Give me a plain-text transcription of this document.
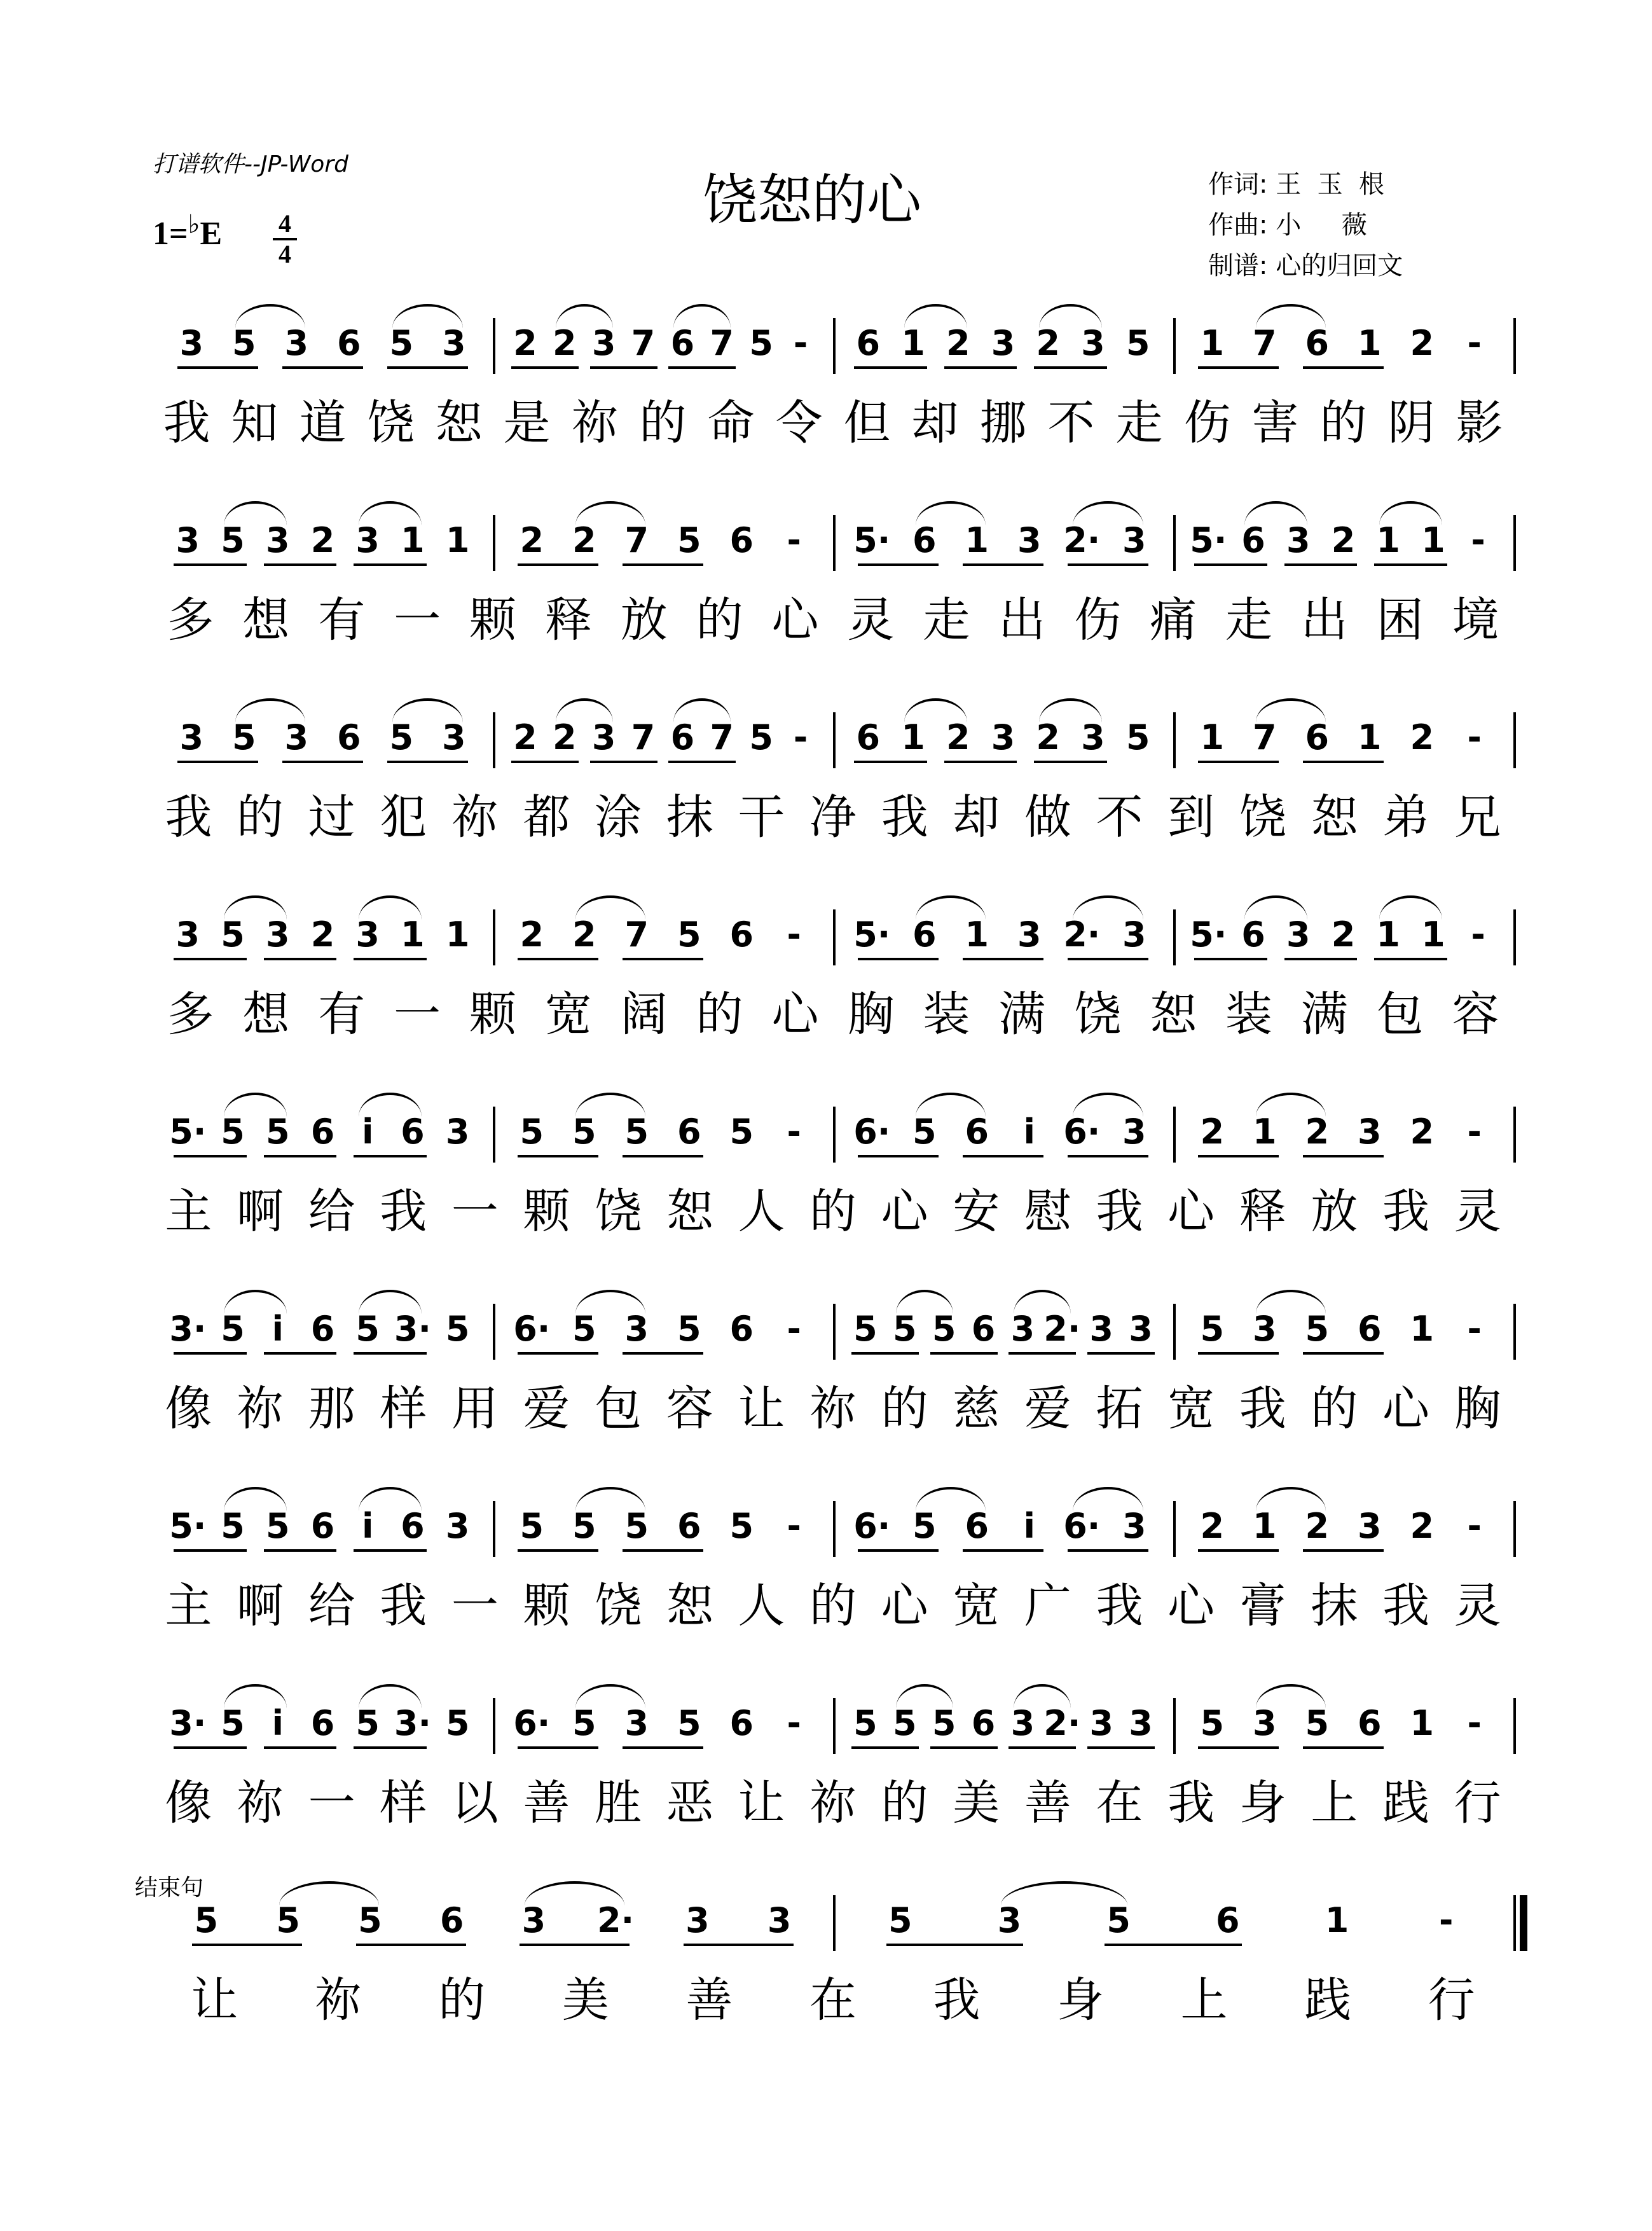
打谱软件--JP-Word
饶恕的心
1=♭E	4
4
作词: 王  玉  根
作曲: 小     薇
制谱: 心的归回文
结束句
3 5 3 6 5 3 2 2 3 7 6 7 5 - 6 1 2 3 2 3 5 1 7 6 1 2 -
我 知 道 饶 恕 是 祢 的 命 令 但 却 挪 不 走 伤 害 的 阴 影
3 5 3 2 3 1 1 2 2 7 5 6 - 5· 6 1 3 2· 3 5· 6 3 2 1 1 -
多 想 有 一 颗 释 放 的 心 灵 走 出 伤 痛 走 出 困 境
3 5 3 6 5 3 2 2 3 7 6 7 5 - 6 1 2 3 2 3 5 1 7 6 1 2 -
我 的 过 犯 祢 都 涂 抹 干 净 我 却 做 不 到 饶 恕 弟 兄
3 5 3 2 3 1 1 2 2 7 5 6 - 5· 6 1 3 2· 3 5· 6 3 2 1 1 -
多 想 有 一 颗 宽 阔 的 心 胸 装 满 饶 恕 装 满 包 容
5· 5 5 6 i 6 3 5 5 5 6 5 - 6· 5 6 i 6· 3 2 1 2 3 2 -
主 啊 给 我 一 颗 饶 恕 人 的 心 安 慰 我 心 释 放 我 灵
3· 5 i 6 5 3· 5 6· 5 3 5 6 - 5 5 5 6 3 2· 3 3 5 3 5 6 1 -
像 祢 那 样 用 爱 包 容 让 祢 的 慈 爱 拓 宽 我 的 心 胸
5· 5 5 6 i 6 3 5 5 5 6 5 - 6· 5 6 i 6· 3 2 1 2 3 2 -
主 啊 给 我 一 颗 饶 恕 人 的 心 宽 广 我 心 膏 抹 我 灵
3· 5 i 6 5 3· 5 6· 5 3 5 6 - 5 5 5 6 3 2· 3 3 5 3 5 6 1 -
像 祢 一 样 以 善 胜 恶 让 祢 的 美 善 在 我 身 上 践 行
5 5 5 6 3 2· 3 3	5 3 5 6 1	-
让 祢 的 美 善 在 我 身 上 践 行
